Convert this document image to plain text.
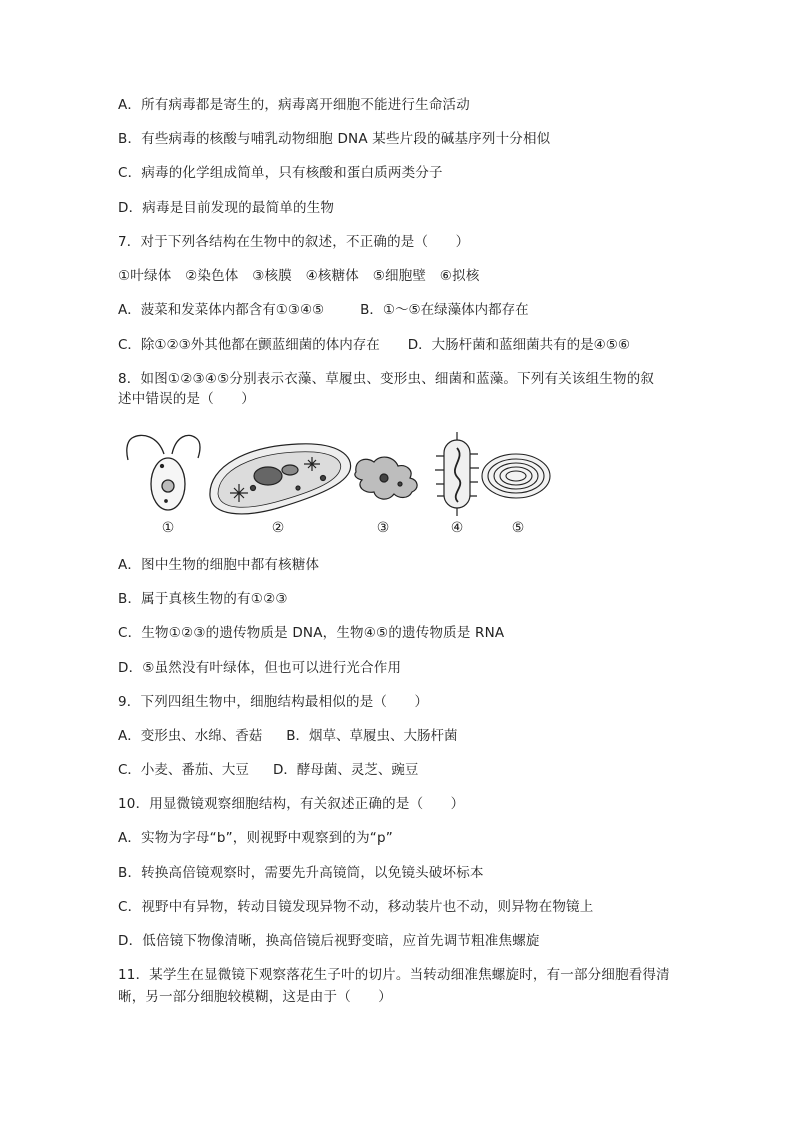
A．所有病毒都是寄生的，病毒离开细胞不能进行生命活动
B．有些病毒的核酸与哺乳动物细胞 DNA 某些片段的碱基序列十分相似
C．病毒的化学组成简单，只有核酸和蛋白质两类分子
D．病毒是目前发现的最简单的生物
7．对于下列各结构在生物中的叙述，不正确的是（　　）
①叶绿体　②染色体　③核膜　④核糖体　⑤细胞壁　⑥拟核
A．菠菜和发菜体内都含有①③④⑤	B．①～⑤在绿藻体内都存在
C．除①②③外其他都在颤蓝细菌的体内存在 D．大肠杆菌和蓝细菌共有的是④⑤⑥
8．如图①②③④⑤分别表示衣藻、草履虫、变形虫、细菌和蓝藻。下列有关该组生物的叙
述中错误的是（　　）
①	②	③	④	⑤
A．图中生物的细胞中都有核糖体
B．属于真核生物的有①②③
C．生物①②③的遗传物质是 DNA，生物④⑤的遗传物质是 RNA
D．⑤虽然没有叶绿体，但也可以进行光合作用
9．下列四组生物中，细胞结构最相似的是（　　）
A．变形虫、水绵、香菇 B．烟草、草履虫、大肠杆菌
C．小麦、番茄、大豆 D．酵母菌、灵芝、豌豆
10．用显微镜观察细胞结构，有关叙述正确的是（　　）
A．实物为字母“b”，则视野中观察到的为“p”
B．转换高倍镜观察时，需要先升高镜筒，以免镜头破坏标本
C．视野中有异物，转动目镜发现异物不动，移动装片也不动，则异物在物镜上
D．低倍镜下物像清晰，换高倍镜后视野变暗，应首先调节粗准焦螺旋
11．某学生在显微镜下观察落花生子叶的切片。当转动细准焦螺旋时，有一部分细胞看得清
晰，另一部分细胞较模糊，这是由于（　　）
